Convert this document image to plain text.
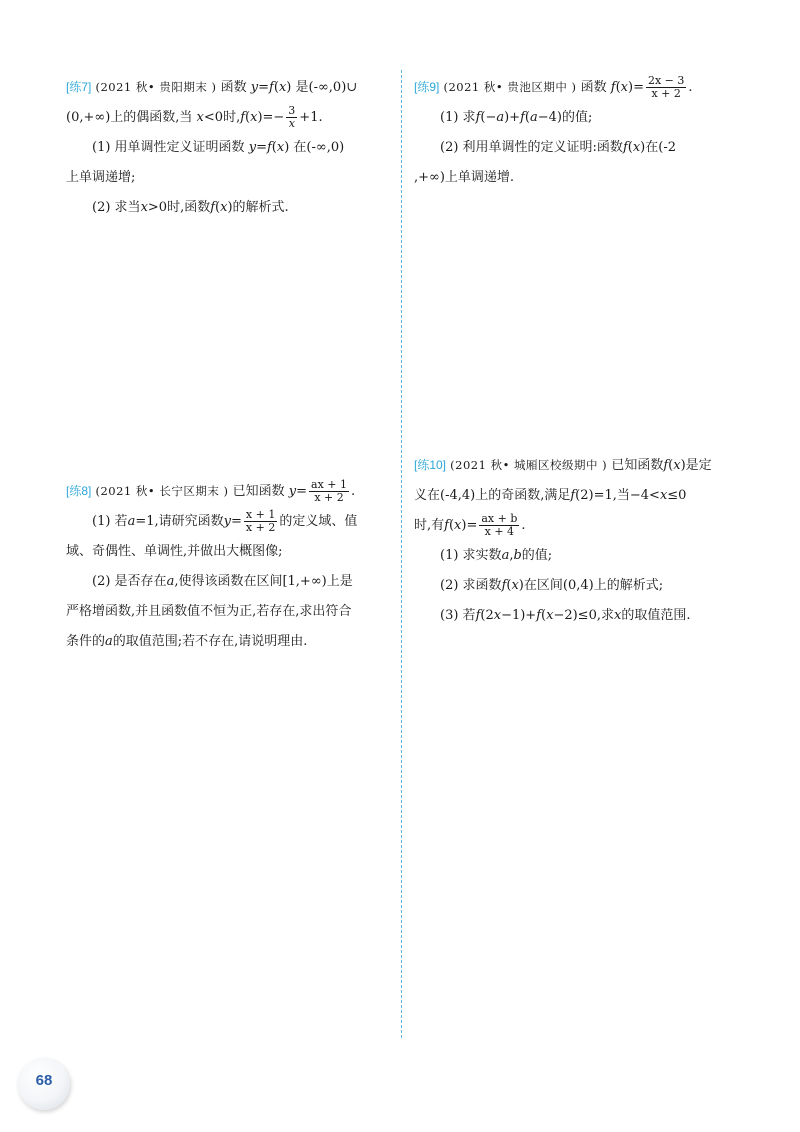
[练7] (2021 秋• 贵阳期末 ) 函数 y=f(x) 是(-∞,0)∪
(0,+∞)上的偶函数,当 x<0时$,f(x)=- \frac{3}{x} +1$.
(1) 用单调性定义证明函数 y=f(x) 在(-∞,0)
上单调递增;
(2) 求当x>0时,函数f(x)的解析式.
[练8] (2021 秋• 长宁区期末 ) 已知函数 $y= \frac{ax + 1}{x + 2}$ .
(1) 若a=1,请研究函数$y= \frac{x + 1}{x + 2}$ 的定义域、值
域、奇偶性、单调性,并做出大概图像;
(2) 是否存在a,使得该函数在区间[1,+∞)上是
严格增函数,并且函数值不恒为正,若存在,求出符合
条件的a的取值范围;若不存在,请说明理由.
[练9] (2021 秋• 贵池区期中 ) 函数 $f(x)= \frac{2x - 3}{x + 2}$ .
(1) 求f(−a)+f(a−4)的值;
(2) 利用单调性的定义证明:函数f(x)在(-2
,+∞)上单调递增.
[练10] (2021 秋• 城厢区校级期中 ) 已知函数f(x)是定
义在(-4,4)上的奇函数,满足f(2)=1,当−4<x≤0
时,有$f(x)= \frac{ax + b}{x + 4}$ .
(1) 求实数a,b的值;
(2) 求函数f(x)在区间(0,4)上的解析式;
(3) 若f(2x−1)+f(x−2)≤0,求x的取值范围.
68
